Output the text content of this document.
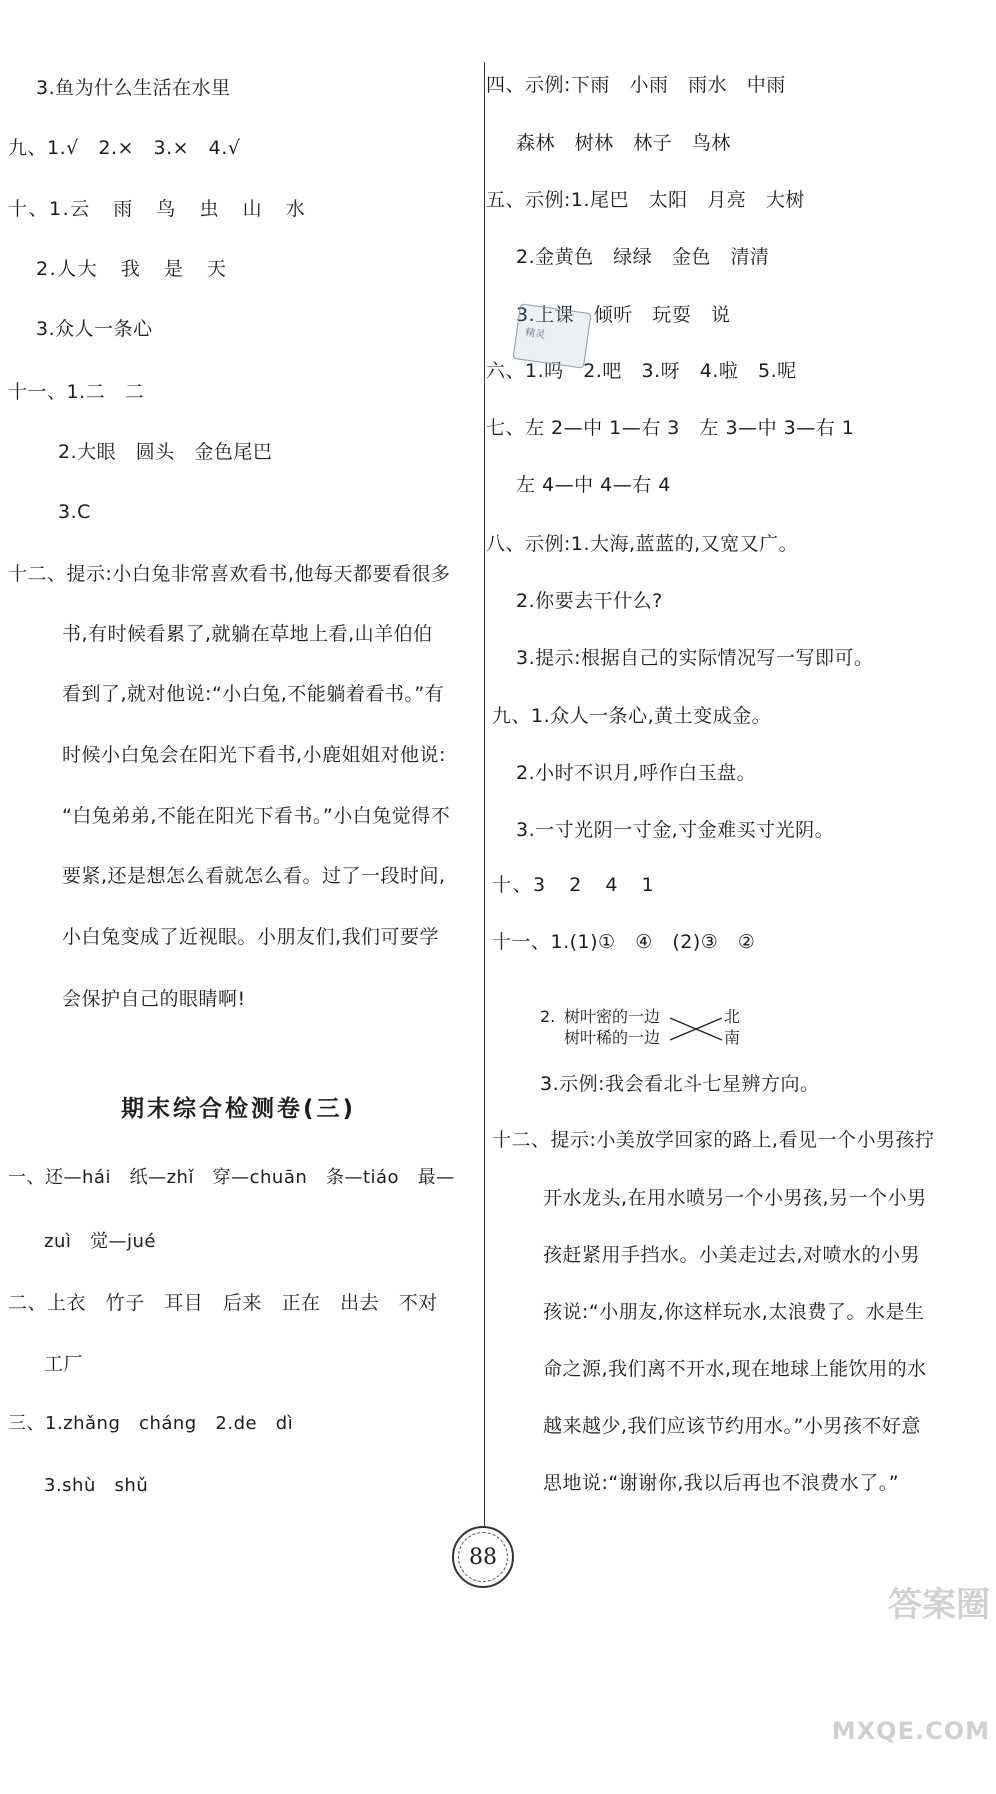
3.鱼为什么生活在水里
九、1.√   2.×   3.×   4.√
十、1.云   雨   鸟   虫   山   水
2.人大   我   是   天
3.众人一条心
十一、1.二   二
2.大眼   圆头   金色尾巴
3.C
十二、提示:小白兔非常喜欢看书,他每天都要看很多
书,有时候看累了,就躺在草地上看,山羊伯伯
看到了,就对他说:“小白兔,不能躺着看书。”有
时候小白兔会在阳光下看书,小鹿姐姐对他说:
“白兔弟弟,不能在阳光下看书。”小白兔觉得不
要紧,还是想怎么看就怎么看。过了一段时间,
小白兔变成了近视眼。小朋友们,我们可要学
会保护自己的眼睛啊!
期末综合检测卷(三)
一、还—hái   纸—zhǐ   穿—chuān   条—tiáo   最—
zuì   觉—jué
二、上衣   竹子   耳目   后来   正在   出去   不对
工厂
三、1.zhǎng   cháng   2.de   dì
3.shù   shǔ
四、示例:下雨   小雨   雨水   中雨
森林   树林   林子   鸟林
五、示例:1.尾巴   太阳   月亮   大树
2.金黄色   绿绿   金色   清清
3.上课   倾听   玩耍   说
六、1.吗   2.吧   3.呀   4.啦   5.呢
七、左 2—中 1—右 3   左 3—中 3—右 1
左 4—中 4—右 4
八、示例:1.大海,蓝蓝的,又宽又广。
2.你要去干什么?
3.提示:根据自己的实际情况写一写即可。
九、1.众人一条心,黄土变成金。
2.小时不识月,呼作白玉盘。
3.一寸光阴一寸金,寸金难买寸光阴。
十、3   2   4   1
十一、1.(1)①   ④   (2)③   ②
3.示例:我会看北斗七星辨方向。
十二、提示:小美放学回家的路上,看见一个小男孩拧
开水龙头,在用水喷另一个小男孩,另一个小男
孩赶紧用手挡水。小美走过去,对喷水的小男
孩说:“小朋友,你这样玩水,太浪费了。水是生
命之源,我们离不开水,现在地球上能饮用的水
越来越少,我们应该节约用水。”小男孩不好意
思地说:“谢谢你,我以后再也不浪费水了。”
2. 树叶密的一边
树叶稀的一边
北
南
精灵
88

答案圈

MXQE.COM
